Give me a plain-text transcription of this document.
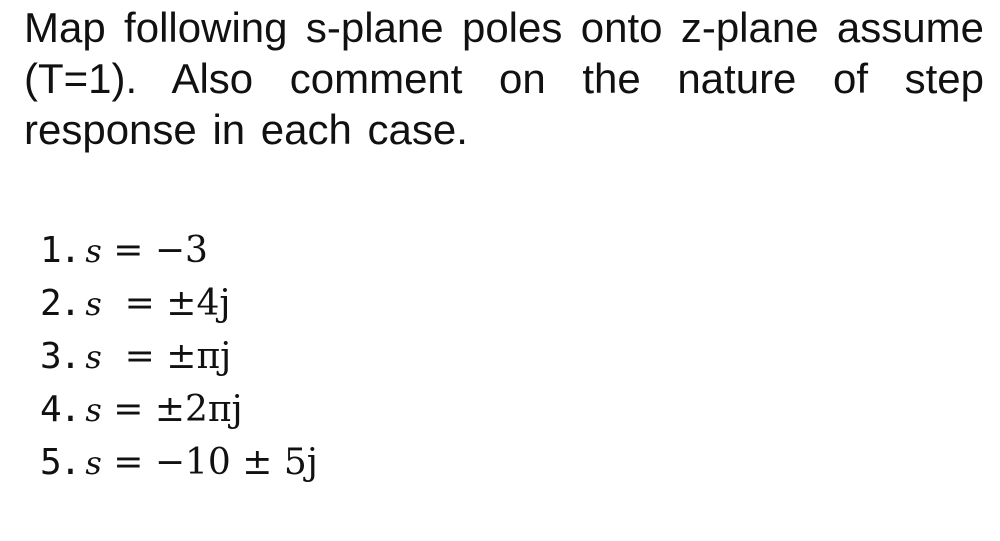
Map following s-plane poles onto z-plane assume (T=1). Also comment on the nature of step response in each case.

1. s = −3
2. s  = ±4j
3. s  = ±πj
4. s = ±2πj
5. s = −10 ± 5j
